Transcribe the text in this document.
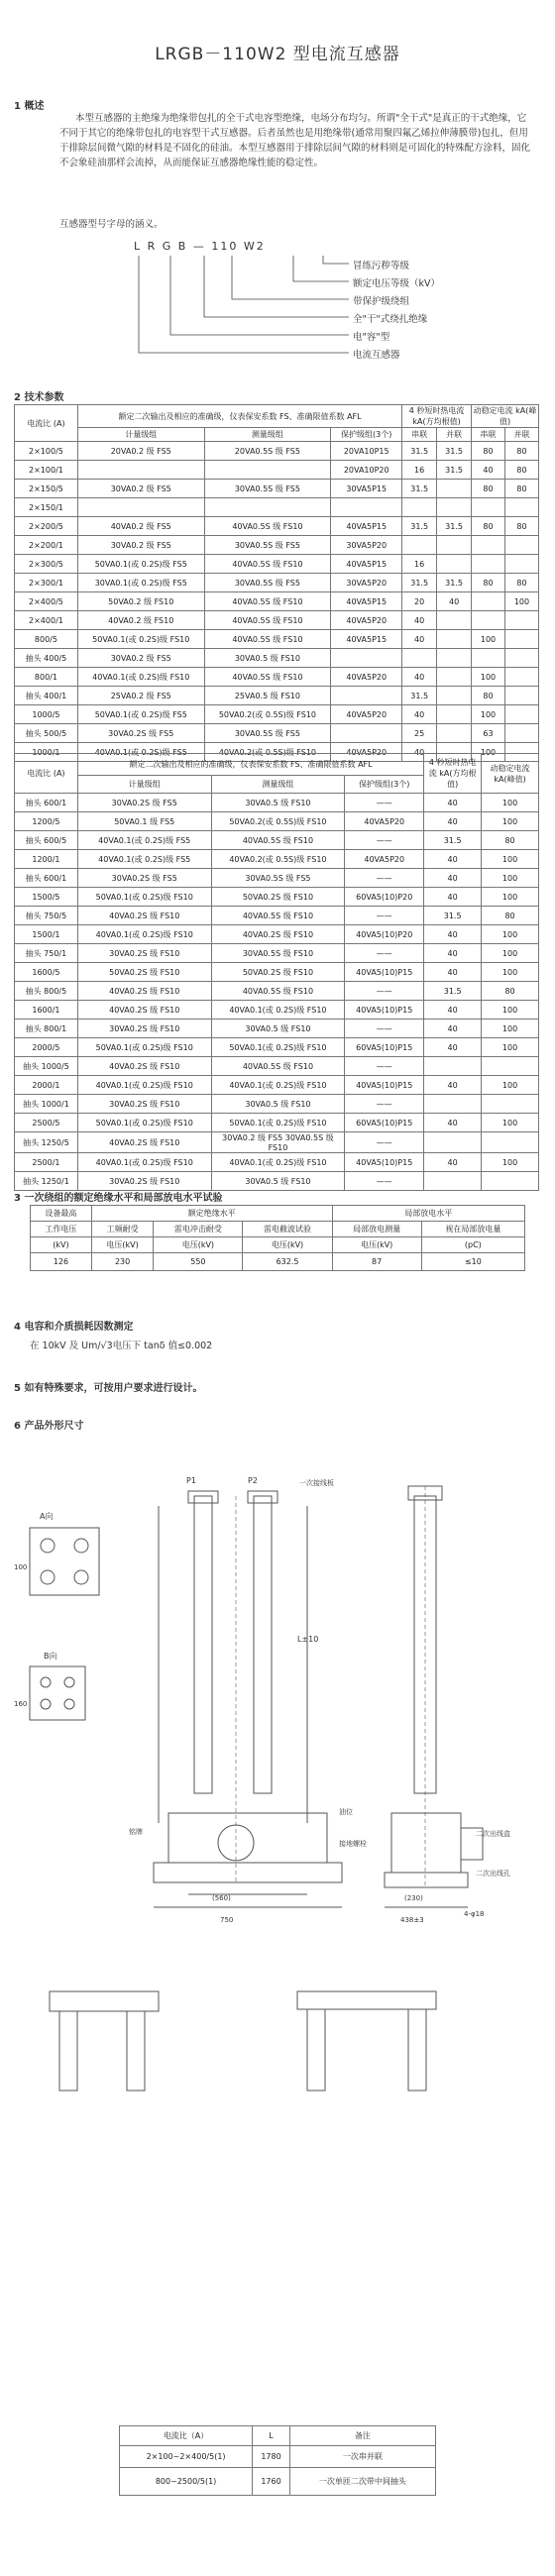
LRGB－110W2 型电流互感器
1 概述
本型互感器的主绝缘为绝缘带包扎的全干式电容型绝缘，电场分布均匀。所谓"全干式"是真正的干式绝缘，它不同于其它的绝缘带包扎的电容型干式互感器。后者虽然也是用绝缘带(通常用聚四氟乙烯拉伸薄膜带)包扎，但用于排除层间微气隙的材料是不固化的硅油。本型互感器用于排除层间气隙的材料则是可固化的特殊配方涂料，固化不会象硅油那样会流掉，从而能保证互感器绝缘性能的稳定性。
互感器型号字母的涵义。
L R G B — 110 W2
冒练污秽等级
额定电压等级（kV）
带保护级绕组
全"干"式绕扎绝缘
电"容"型
电流互感器
2 技术参数
电流比 (A)	额定二次输出及相应的准确级，仪表保安系数 FS、准确限值系数 AFL			4 秒短时热电流 kA(方均根值)		动稳定电流 kA(峰值)	
	计量级组	测量级组	保护级组(3个)	串联	并联	串联	并联

2×100/5	20VA0.2 级 FS5	20VA0.5S 级 FS5	20VA10P15	31.5	31.5	80	80
2×100/1			20VA10P20	16	31.5	40	80
2×150/5	30VA0.2 级 FS5	30VA0.5S 级 FS5	30VA5P15	31.5		80	80
2×150/1							
2×200/5	40VA0.2 级 FS5	40VA0.5S 级 FS10	40VA5P15	31.5	31.5	80	80
2×200/1	30VA0.2 级 FS5	30VA0.5S 级 FS5	30VA5P20				
2×300/5	50VA0.1(或 0.2S)级 FS5	40VA0.5S 级 FS10	40VA5P15	16			
2×300/1	30VA0.1(或 0.2S)级 FS5	30VA0.5S 级 FS5	30VA5P20	31.5	31.5	80	80
2×400/5	50VA0.2 级 FS10	40VA0.5S 级 FS10	40VA5P15	20	40		100
2×400/1	40VA0.2 级 FS10	40VA0.5S 级 FS10	40VA5P20	40			
800/5	50VA0.1(或 0.2S)级 FS10	40VA0.5S 级 FS10	40VA5P15	40		100	
抽头 400/5	30VA0.2 级 FS5	30VA0.5 级 FS10					
800/1	40VA0.1(或 0.2S)级 FS10	40VA0.5S 级 FS10	40VA5P20	40		100	
抽头 400/1	25VA0.2 级 FS5	25VA0.5 级 FS10		31.5		80	
1000/5	50VA0.1(或 0.2S)级 FS5	50VA0.2(或 0.5S)级 FS10	40VA5P20	40		100	
抽头 500/5	30VA0.2S 级 FS5	30VA0.5S 级 FS5		25		63	
1000/1	40VA0.1(或 0.2S)级 FS5	40VA0.2(或 0.5S)级 FS10	40VA5P20	40		100	
电流比 (A)	额定二次输出及相应的准确级，仪表保安系数 FS、准确限值系数 AFL			4 秒短时热电流 kA(方均根值)	动稳定电流 kA(峰值)
	计量级组	测量级组	保护级组(3个)		
抽头 600/1	30VA0.2S 级 FS5	30VA0.5 级 FS10	——	40	100
1200/5	50VA0.1 级 FS5	50VA0.2(或 0.5S)级 FS10	40VA5P20	40	100
抽头 600/5	40VA0.1(或 0.2S)级 FS5	40VA0.5S 级 FS10	——	31.5	80
1200/1	40VA0.1(或 0.2S)级 FS5	40VA0.2(或 0.5S)级 FS10	40VA5P20	40	100
抽头 600/1	30VA0.2S 级 FS5	30VA0.5S 级 FS5	——	40	100
1500/5	50VA0.1(或 0.2S)级 FS10	50VA0.2S 级 FS10	60VA5(10)P20	40	100
抽头 750/5	40VA0.2S 级 FS10	40VA0.5S 级 FS10	——	31.5	80
1500/1	40VA0.1(或 0.2S)级 FS10	40VA0.2S 级 FS10	40VA5(10)P20	40	100
抽头 750/1	30VA0.2S 级 FS10	30VA0.5S 级 FS10	——	40	100
1600/5	50VA0.2S 级 FS10	50VA0.2S 级 FS10	40VA5(10)P15	40	100
抽头 800/5	40VA0.2S 级 FS10	40VA0.5S 级 FS10	——	31.5	80
1600/1	40VA0.2S 级 FS10	40VA0.1(或 0.2S)级 FS10	40VA5(10)P15	40	100
抽头 800/1	30VA0.2S 级 FS10	30VA0.5 级 FS10	——	40	100
2000/5	50VA0.1(或 0.2S)级 FS10	50VA0.1(或 0.2S)级 FS10	60VA5(10)P15	40	100
抽头 1000/5	40VA0.2S 级 FS10	40VA0.5S 级 FS10	——		
2000/1	40VA0.1(或 0.2S)级 FS10	40VA0.1(或 0.2S)级 FS10	40VA5(10)P15	40	100
抽头 1000/1	30VA0.2S 级 FS10	30VA0.5 级 FS10	——		
2500/5	50VA0.1(或 0.2S)级 FS10	50VA0.1(或 0.2S)级 FS10	60VA5(10)P15	40	100
抽头 1250/5	40VA0.2S 级 FS10	30VA0.2 级 FS5 30VA0.5S 级 FS10	——		
2500/1	40VA0.1(或 0.2S)级 FS10	40VA0.1(或 0.2S)级 FS10	40VA5(10)P15	40	100
抽头 1250/1	30VA0.2S 级 FS10	30VA0.5 级 FS10	——		
3 一次绕组的额定绝缘水平和局部放电水平试验
设备最高	额定绝缘水平			局部放电水平	
工作电压	工频耐受	雷电冲击耐受	雷电截波试验	局部放电测量	视在局部放电量
(kV)	电压(kV)	电压(kV)	电压(kV)	电压(kV)	(pC)
126	230	550	632.5	87	≤10
4 电容和介质损耗因数测定
在 10kV 及 Um/√3电压下 tanδ 值≤0.002
5 如有特殊要求，可按用户要求进行设计。
6 产品外形尺寸
A向
B向
100
160
P1	P2	一次接线板
L±10
(560)
750
(230)
438±3
4-φ18
二次出线盒
二次出线孔
油位
接地螺栓
铭牌
电流比（A）	L	备注
2×100~2×400/5(1)	1780	一次串并联
800~2500/5(1)	1760	一次单匝二次带中间抽头
